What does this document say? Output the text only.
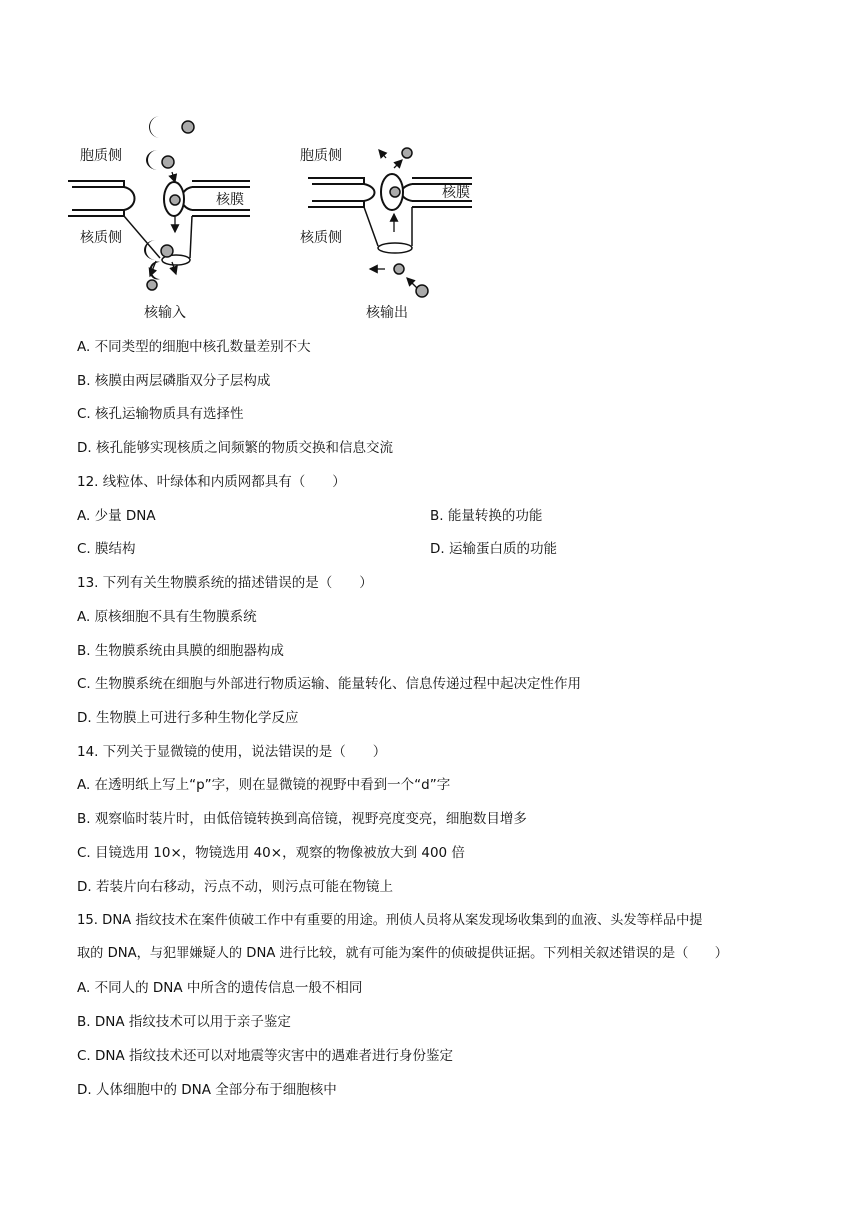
胞质侧
核质侧
核膜
核输入
胞质侧
核质侧
核膜
核输出
A. 不同类型的细胞中核孔数量差别不大
B. 核膜由两层磷脂双分子层构成
C. 核孔运输物质具有选择性
D. 核孔能够实现核质之间频繁的物质交换和信息交流
12. 线粒体、叶绿体和内质网都具有（　　）
A. 少量 DNA	B. 能量转换的功能
C. 膜结构	D. 运输蛋白质的功能
13. 下列有关生物膜系统的描述错误的是（　　）
A. 原核细胞不具有生物膜系统
B. 生物膜系统由具膜的细胞器构成
C. 生物膜系统在细胞与外部进行物质运输、能量转化、信息传递过程中起决定性作用
D. 生物膜上可进行多种生物化学反应
14. 下列关于显微镜的使用，说法错误的是（　　）
A. 在透明纸上写上“p”字，则在显微镜的视野中看到一个“d”字
B. 观察临时装片时，由低倍镜转换到高倍镜，视野亮度变亮，细胞数目增多
C. 目镜选用 10×，物镜选用 40×，观察的物像被放大到 400 倍
D. 若装片向右移动，污点不动，则污点可能在物镜上
15. DNA 指纹技术在案件侦破工作中有重要的用途。刑侦人员将从案发现场收集到的血液、头发等样品中提
取的 DNA，与犯罪嫌疑人的 DNA 进行比较，就有可能为案件的侦破提供证据。下列相关叙述错误的是（　　）
A. 不同人的 DNA 中所含的遗传信息一般不相同
B. DNA 指纹技术可以用于亲子鉴定
C. DNA 指纹技术还可以对地震等灾害中的遇难者进行身份鉴定
D. 人体细胞中的 DNA 全部分布于细胞核中
